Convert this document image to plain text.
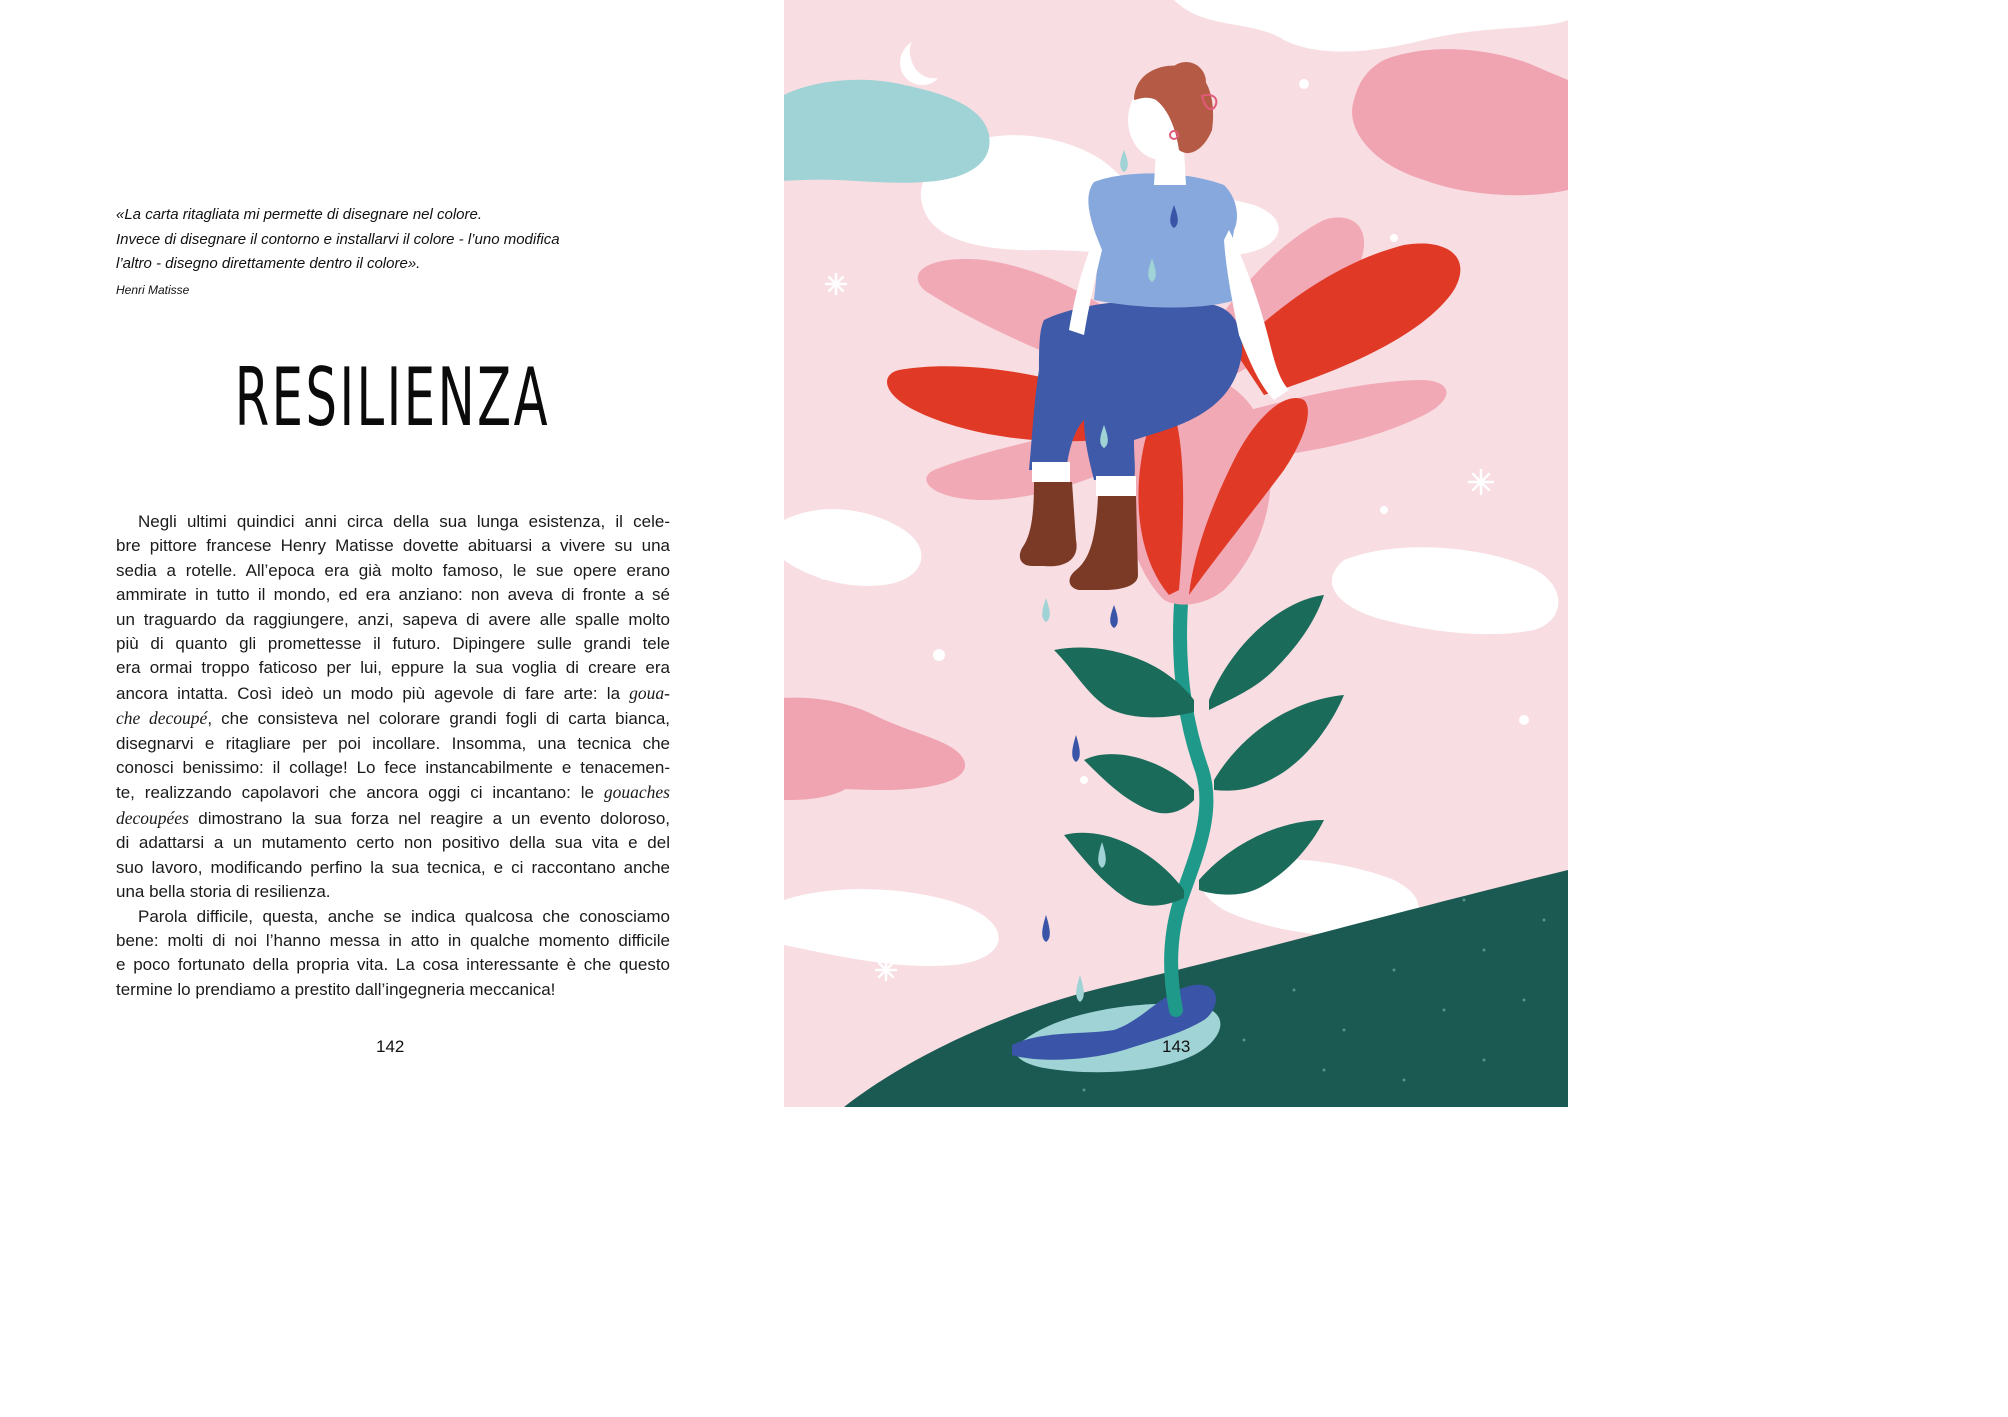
«La carta ritagliata mi permette di disegnare nel colore.
Invece di disegnare il contorno e installarvi il colore - l’uno modifica
l’altro - disegno direttamente dentro il colore».
Henri Matisse
RESILIENZA
Negli ultimi quindici anni circa della sua lunga esistenza, il cele-
bre pittore francese Henry Matisse dovette abituarsi a vivere su una
sedia a rotelle. All’epoca era già molto famoso, le sue opere erano
ammirate in tutto il mondo, ed era anziano: non aveva di fronte a sé
un traguardo da raggiungere, anzi, sapeva di avere alle spalle molto
più di quanto gli promettesse il futuro. Dipingere sulle grandi tele
era ormai troppo faticoso per lui, eppure la sua voglia di creare era
ancora intatta. Così ideò un modo più agevole di fare arte: la goua-
che decoupé, che consisteva nel colorare grandi fogli di carta bianca,
disegnarvi e ritagliare per poi incollare. Insomma, una tecnica che
conosci benissimo: il collage! Lo fece instancabilmente e tenacemen-
te, realizzando capolavori che ancora oggi ci incantano: le gouaches
decoupées dimostrano la sua forza nel reagire a un evento doloroso,
di adattarsi a un mutamento certo non positivo della sua vita e del
suo lavoro, modificando perfino la sua tecnica, e ci raccontano anche
una bella storia di resilienza.
Parola difficile, questa, anche se indica qualcosa che conosciamo
bene: molti di noi l’hanno messa in atto in qualche momento difficile
e poco fortunato della propria vita. La cosa interessante è che questo
termine lo prendiamo a prestito dall’ingegneria meccanica!
142	143
